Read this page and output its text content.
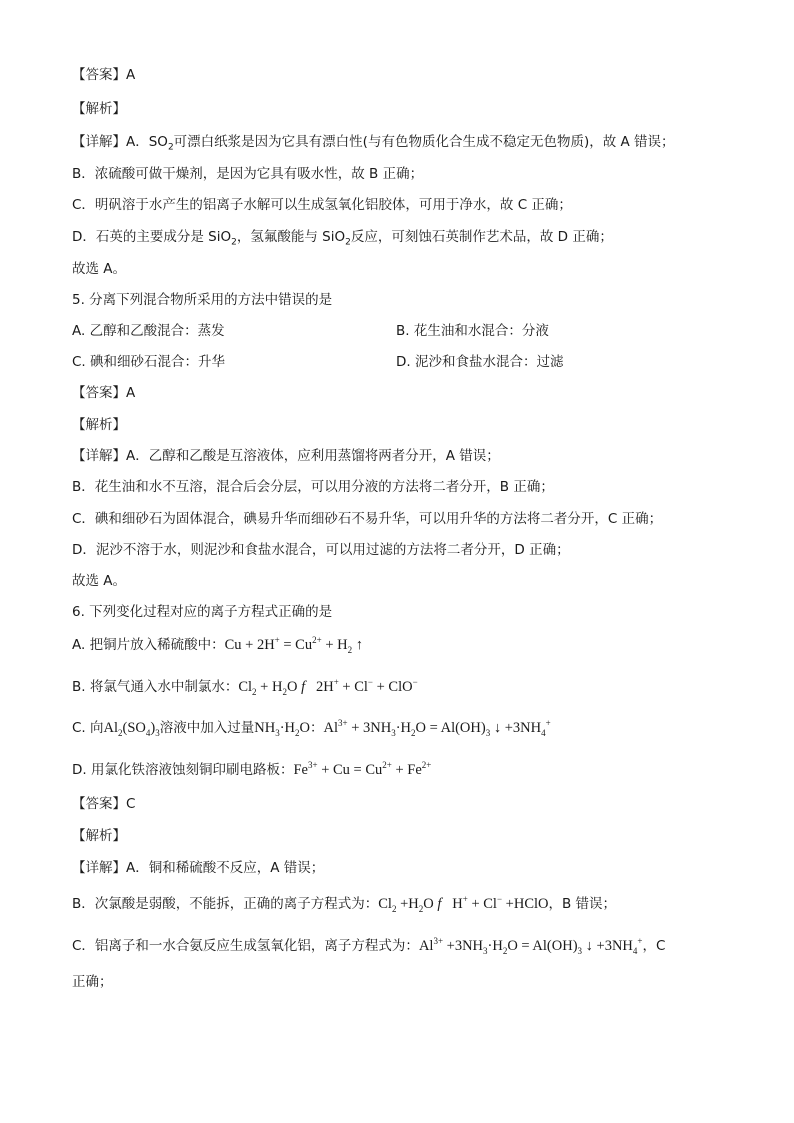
【答案】A
【解析】
【详解】A．$SO_2$可漂白纸浆是因为它具有漂白性(与有色物质化合生成不稳定无色物质)，故 A 错误；
B．浓硫酸可做干燥剂，是因为它具有吸水性，故 B 正确；
C．明矾溶于水产生的铝离子水解可以生成氢氧化铝胶体，可用于净水，故 C 正确；
D．石英的主要成分是 SiO$_2$，氢氟酸能与 SiO$_2$反应，可刻蚀石英制作艺术品，故 D 正确；
故选 A。
5. 分离下列混合物所采用的方法中错误的是
A. 乙醇和乙酸混合：蒸发	B. 花生油和水混合：分液
C. 碘和细砂石混合：升华	D. 泥沙和食盐水混合：过滤
【答案】A
【解析】
【详解】A．乙醇和乙酸是互溶液体，应利用蒸馏将两者分开，A 错误；
B．花生油和水不互溶，混合后会分层，可以用分液的方法将二者分开，B 正确；
C．碘和细砂石为固体混合，碘易升华而细砂石不易升华，可以用升华的方法将二者分开，C 正确；
D．泥沙不溶于水，则泥沙和食盐水混合，可以用过滤的方法将二者分开，D 正确；
故选 A。
6. 下列变化过程对应的离子方程式正确的是
A. 把铜片放入稀硫酸中：$Cu + 2H^+ = Cu^{2+} + H_2$ ↑
B. 将氯气通入水中制氯水：$Cl_2 + H_2O$ f   2H+ + Cl− + ClO−
C. 向$Al_2(SO_4)_3$溶液中加入过量$NH_3\cdot H_2O$：$Al^{3+} + 3NH_3\cdot H_2O = Al(OH)_3$ ↓ $+3NH_4^+$
D. 用氯化铁溶液蚀刻铜印刷电路板：$Fe^{3+} + Cu = Cu^{2+} + Fe^{2+}$
【答案】C
【解析】
【详解】A．铜和稀硫酸不反应，A 错误；
B．次氯酸是弱酸，不能拆，正确的离子方程式为：$Cl_2 +H_2O$ f   H+ + Cl− +HClO，B 错误；
C．铝离子和一水合氨反应生成氢氧化铝，离子方程式为：$Al^{3+} +3NH_3\cdot H_2O = Al(OH)_3$ ↓ $+3NH_4^+$，C
正确；
